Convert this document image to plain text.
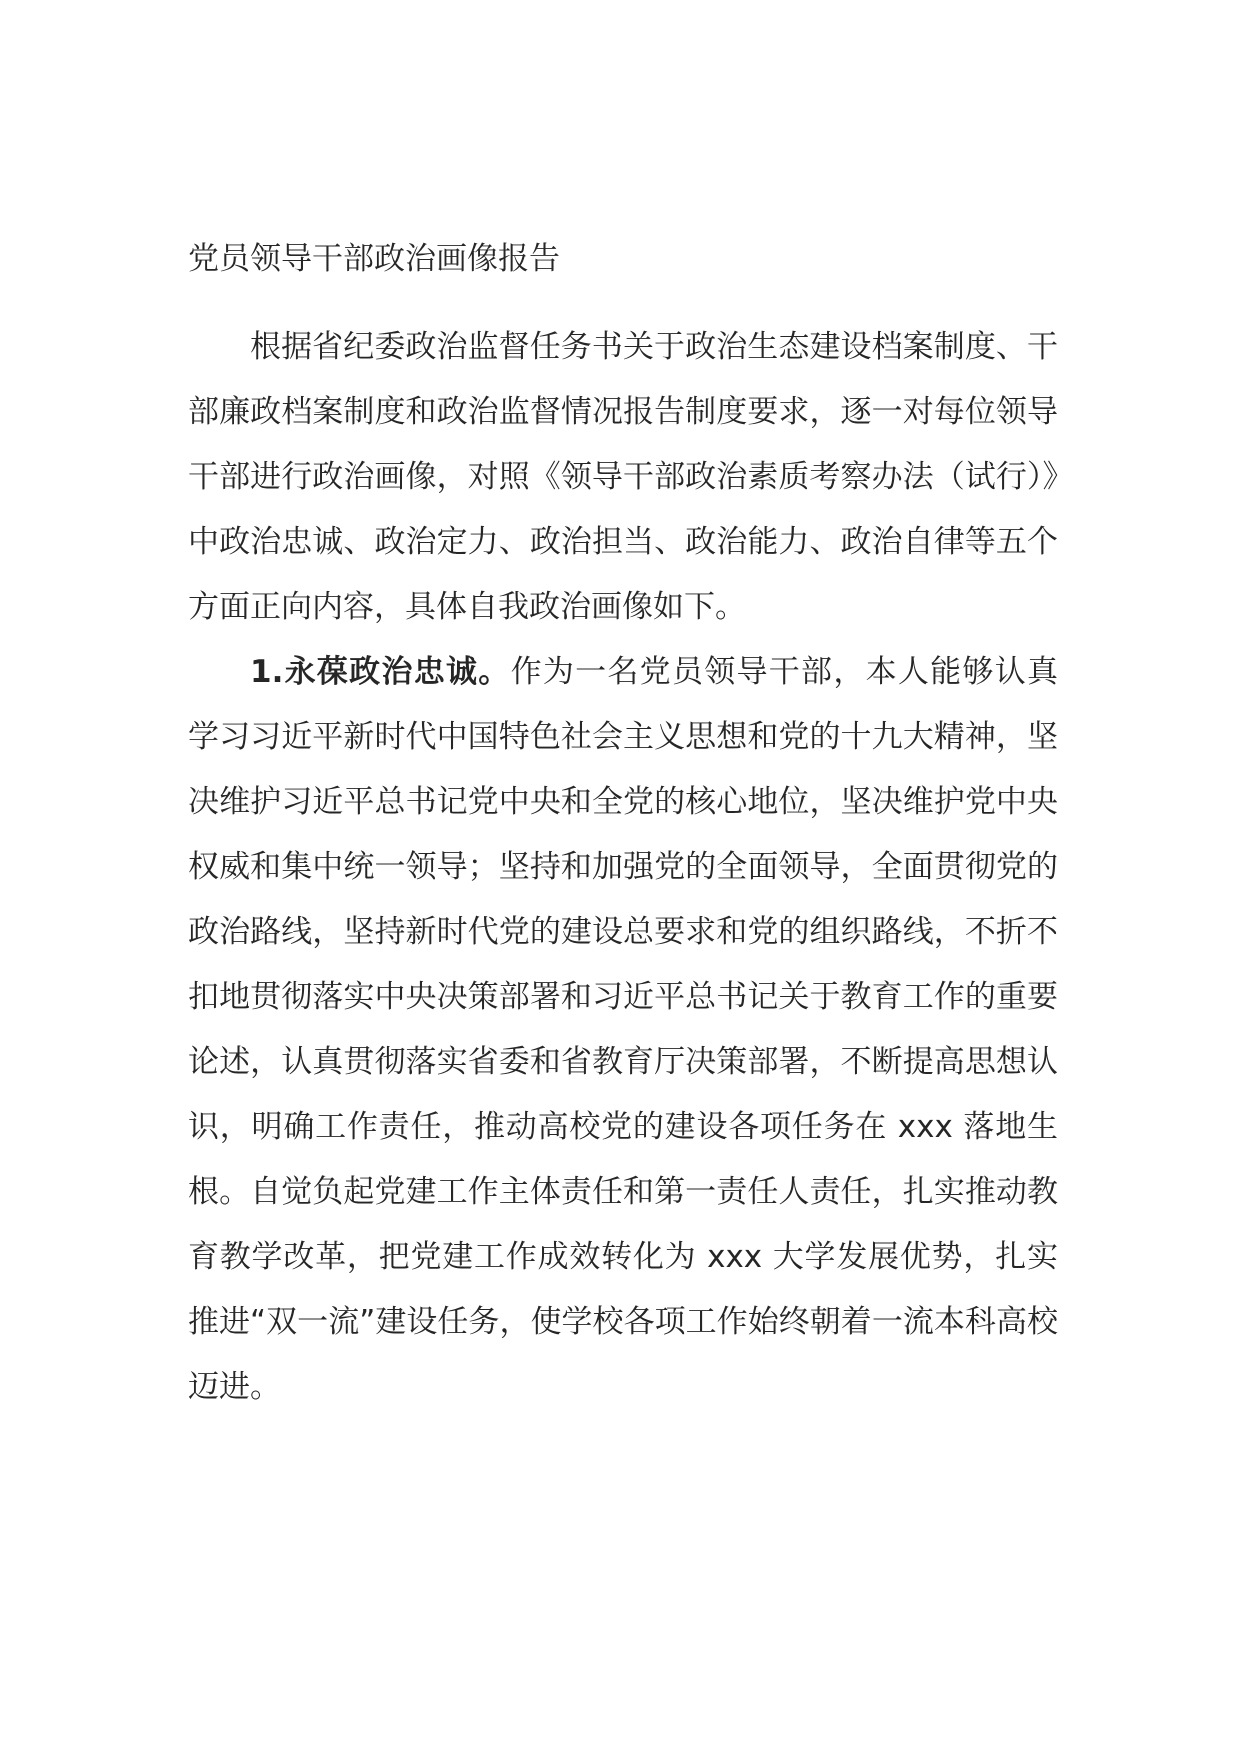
党员领导干部政治画像报告

根据省纪委政治监督任务书关于政治生态建设档案制度、干部廉政档案制度和政治监督情况报告制度要求，逐一对每位领导干部进行政治画像，对照《领导干部政治素质考察办法（试行）》中政治忠诚、政治定力、政治担当、政治能力、政治自律等五个方面正向内容，具体自我政治画像如下。

1.永葆政治忠诚。作为一名党员领导干部，本人能够认真学习习近平新时代中国特色社会主义思想和党的十九大精神，坚决维护习近平总书记党中央和全党的核心地位，坚决维护党中央权威和集中统一领导；坚持和加强党的全面领导，全面贯彻党的政治路线，坚持新时代党的建设总要求和党的组织路线，不折不扣地贯彻落实中央决策部署和习近平总书记关于教育工作的重要论述，认真贯彻落实省委和省教育厅决策部署，不断提高思想认识，明确工作责任，推动高校党的建设各项任务在 xxx 落地生根。自觉负起党建工作主体责任和第一责任人责任，扎实推动教育教学改革，把党建工作成效转化为 xxx 大学发展优势，扎实推进“双一流”建设任务，使学校各项工作始终朝着一流本科高校迈进。
